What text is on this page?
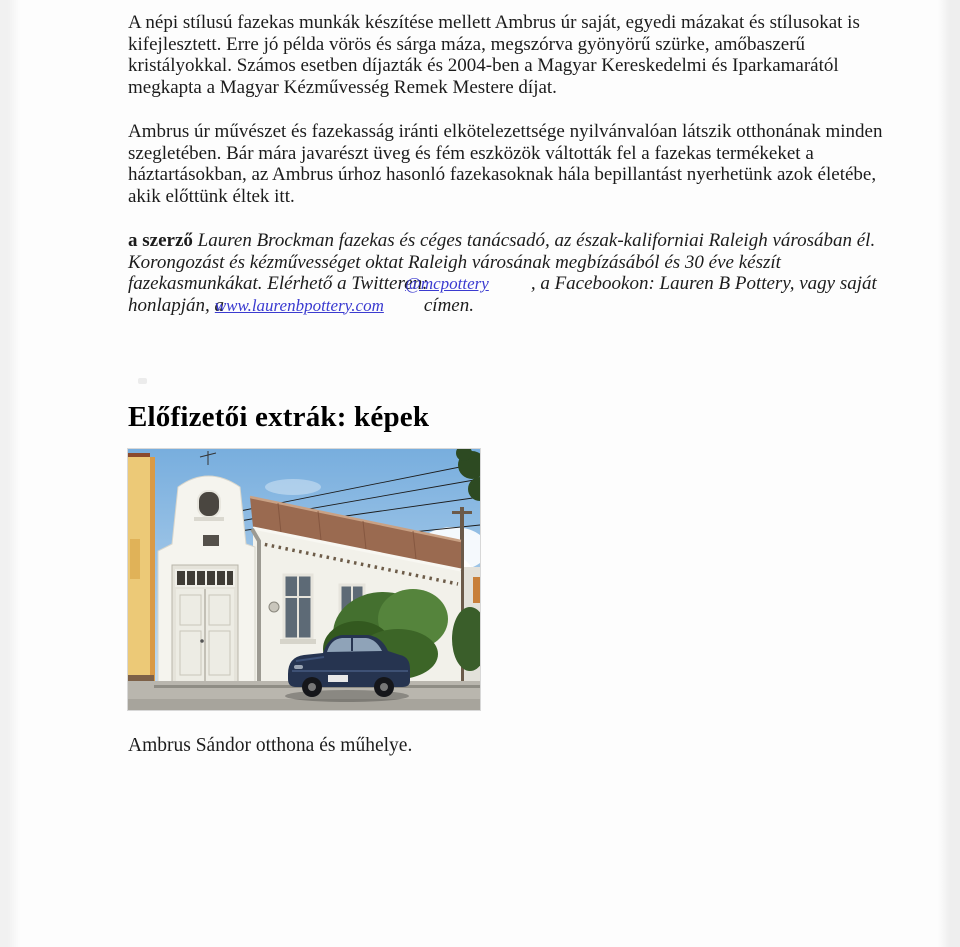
A népi stílusú fazekas munkák készítése mellett Ambrus úr saját, egyedi mázakat és stílusokat is kifejlesztett. Erre jó példa vörös és sárga máza, megszórva gyönyörű szürke, amőbaszerű kristályokkal. Számos esetben díjazták és 2004-ben a Magyar Kereskedelmi és Iparkamarától megkapta a Magyar Kézművesség Remek Mestere díjat.

Ambrus úr művészet és fazekasság iránti elkötelezettsége nyilvánvalóan látszik otthonának minden szegletében. Bár mára javarészt üveg és fém eszközök váltották fel a fazekas termékeket a háztartásokban, az Ambrus úrhoz hasonló fazekasoknak hála bepillantást nyerhetünk azok életébe, akik előttünk éltek itt.

a szerző Lauren Brockman fazekas és céges tanácsadó, az észak-kaliforniai Raleigh városában él. Korongozást és kézművességet oktat Raleigh városának megbízásából és 30 éve készít fazekasmunkákat. Elérhető a Twitteren: @mcpottery , a Facebookon: Lauren B Pottery, vagy saját honlapján, a www.laurenbpottery.com címen.

Előfizetői extrák: képek

Ambrus Sándor otthona és műhelye.
